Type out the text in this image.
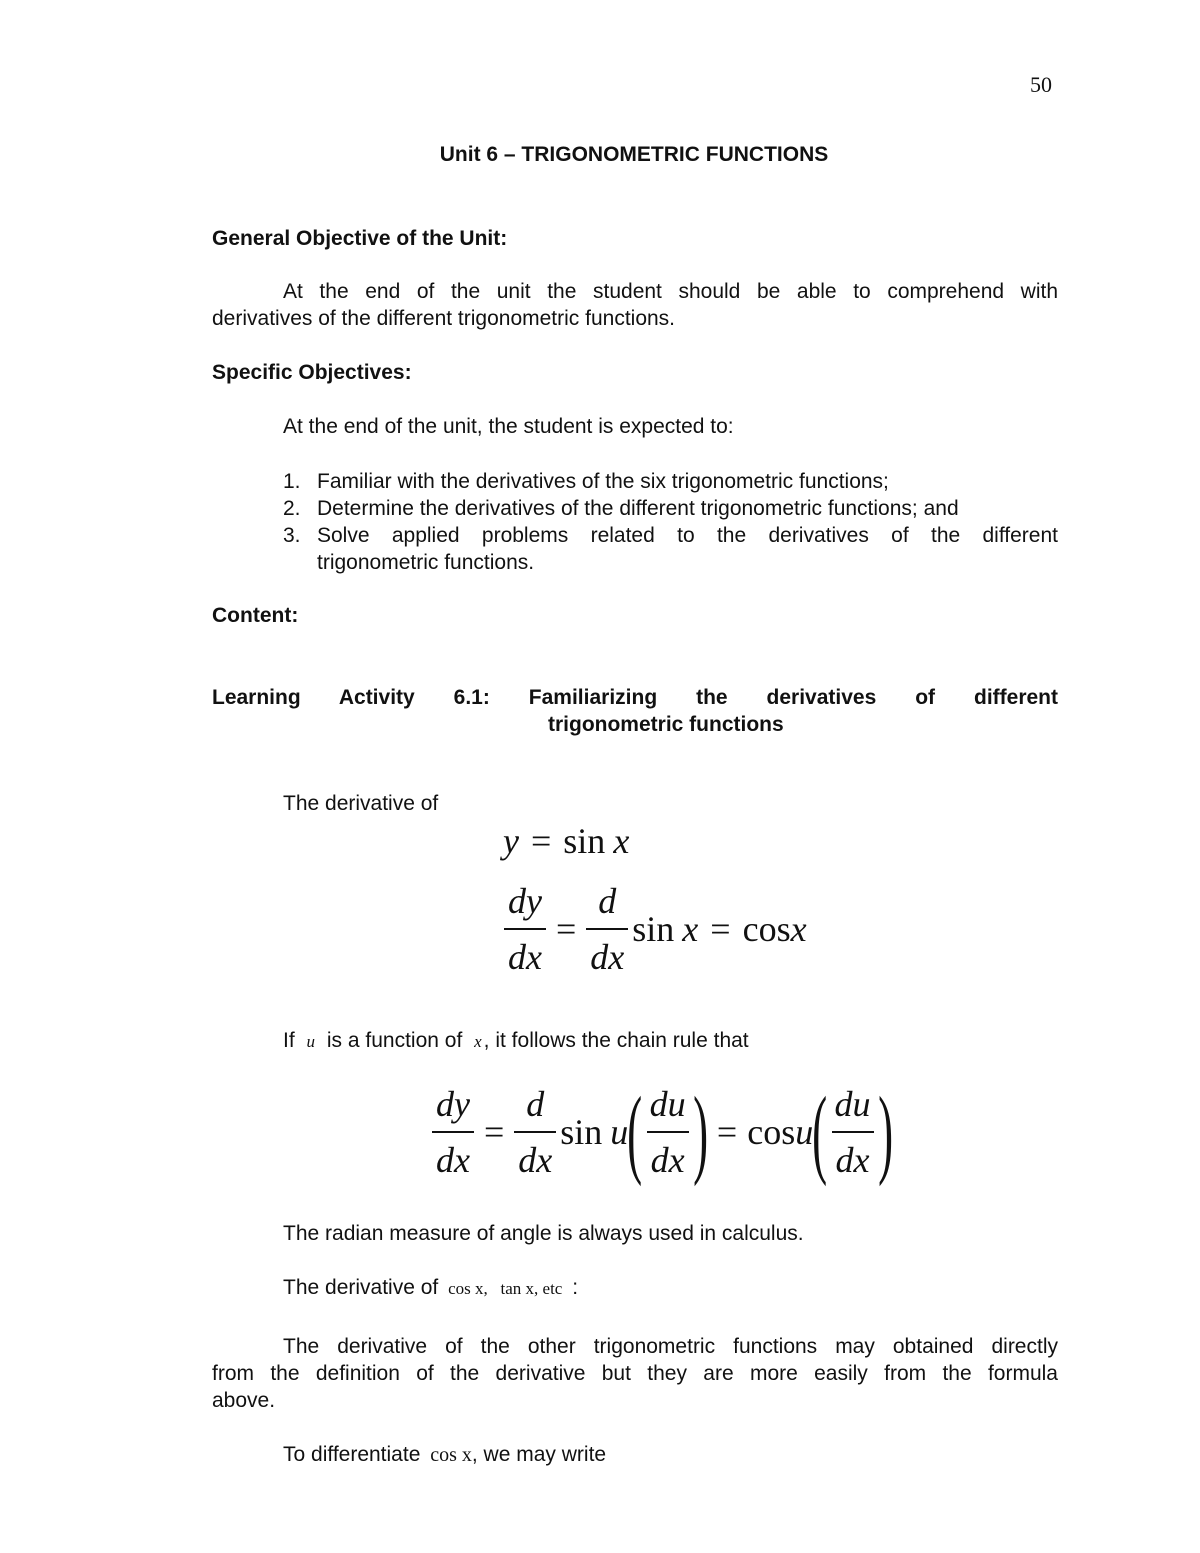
50
Unit 6 – TRIGONOMETRIC FUNCTIONS
General Objective of the Unit:
At the end of the unit the student should be able to comprehend with
derivatives of the different trigonometric functions.
Specific Objectives:
At the end of the unit, the student is expected to:
1. Familiar with the derivatives of the six trigonometric functions;
2. Determine the derivatives of the different trigonometric functions; and
3. Solve applied problems related to the derivatives of the different
trigonometric functions.
Content:
Learning Activity 6.1: Familiarizing the derivatives of different
trigonometric functions
The derivative of
y = sin x
$\frac{dy}{dx} = \frac{d}{dx}$ sin x = cos x
If u is a function of x, it follows the chain rule that
$\frac{dy}{dx} = \frac{d}{dx}$ sin u ( $\frac{du}{dx}$ ) = cos u ( $\frac{du}{dx}$ )
The radian measure of angle is always used in calculus.
The derivative of cos x,   tan x, etc :
The derivative of the other trigonometric functions may obtained directly
from the definition of the derivative but they are more easily from the formula
above.
To differentiate cos x, we may write
